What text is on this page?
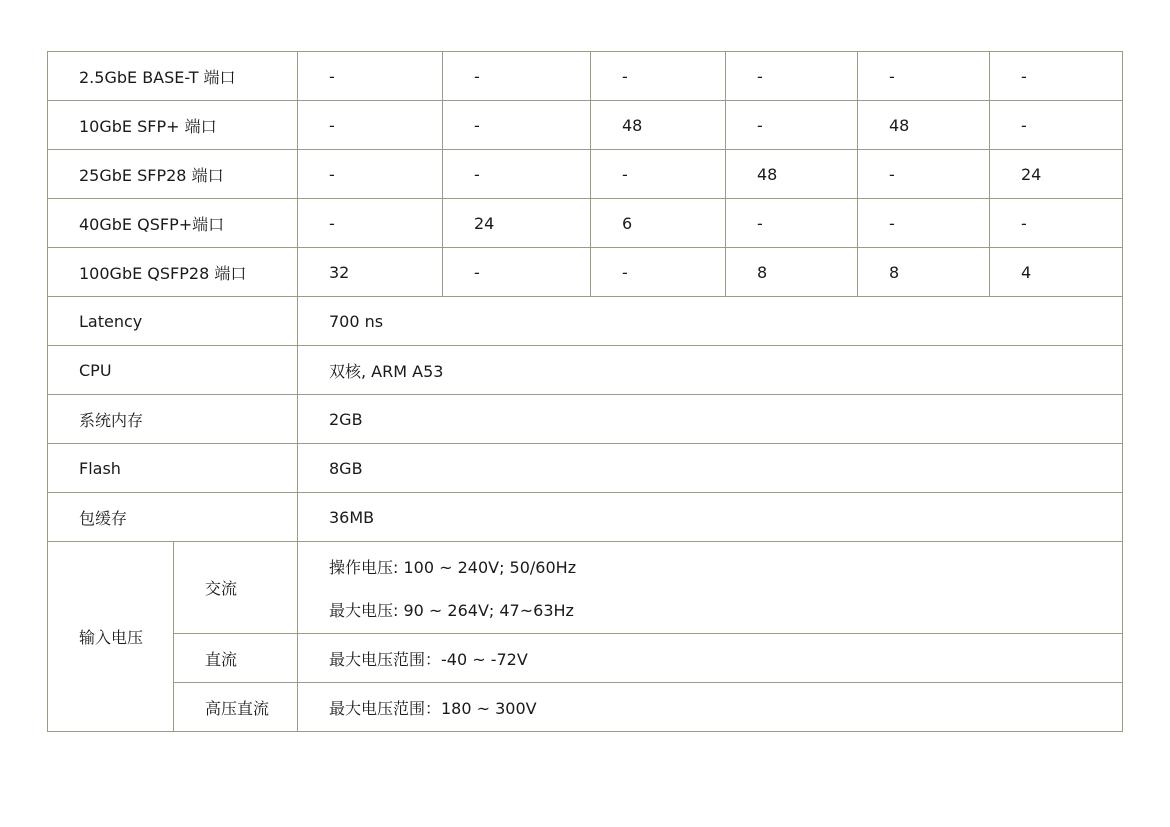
2.5GbE BASE-T 端口		-	-	-	-	-	-
10GbE SFP+ 端口		-	-	48	-	48	-
25GbE SFP28 端口		-	-	-	48	-	24
40GbE QSFP+端口		-	24	6	-	-	-
100GbE QSFP28 端口		32	-	-	8	8	4
Latency		700 ns					
CPU		双核, ARM A53					
系统内存		2GB					
Flash		8GB					
包缓存		36MB					
输入电压	交流	操作电压: 100 ~ 240V; 50/60Hz
最大电压: 90 ~ 264V; 47~63Hz					

	直流	最大电压范围：-40 ~ -72V					
	高压直流	最大电压范围：180 ~ 300V					
